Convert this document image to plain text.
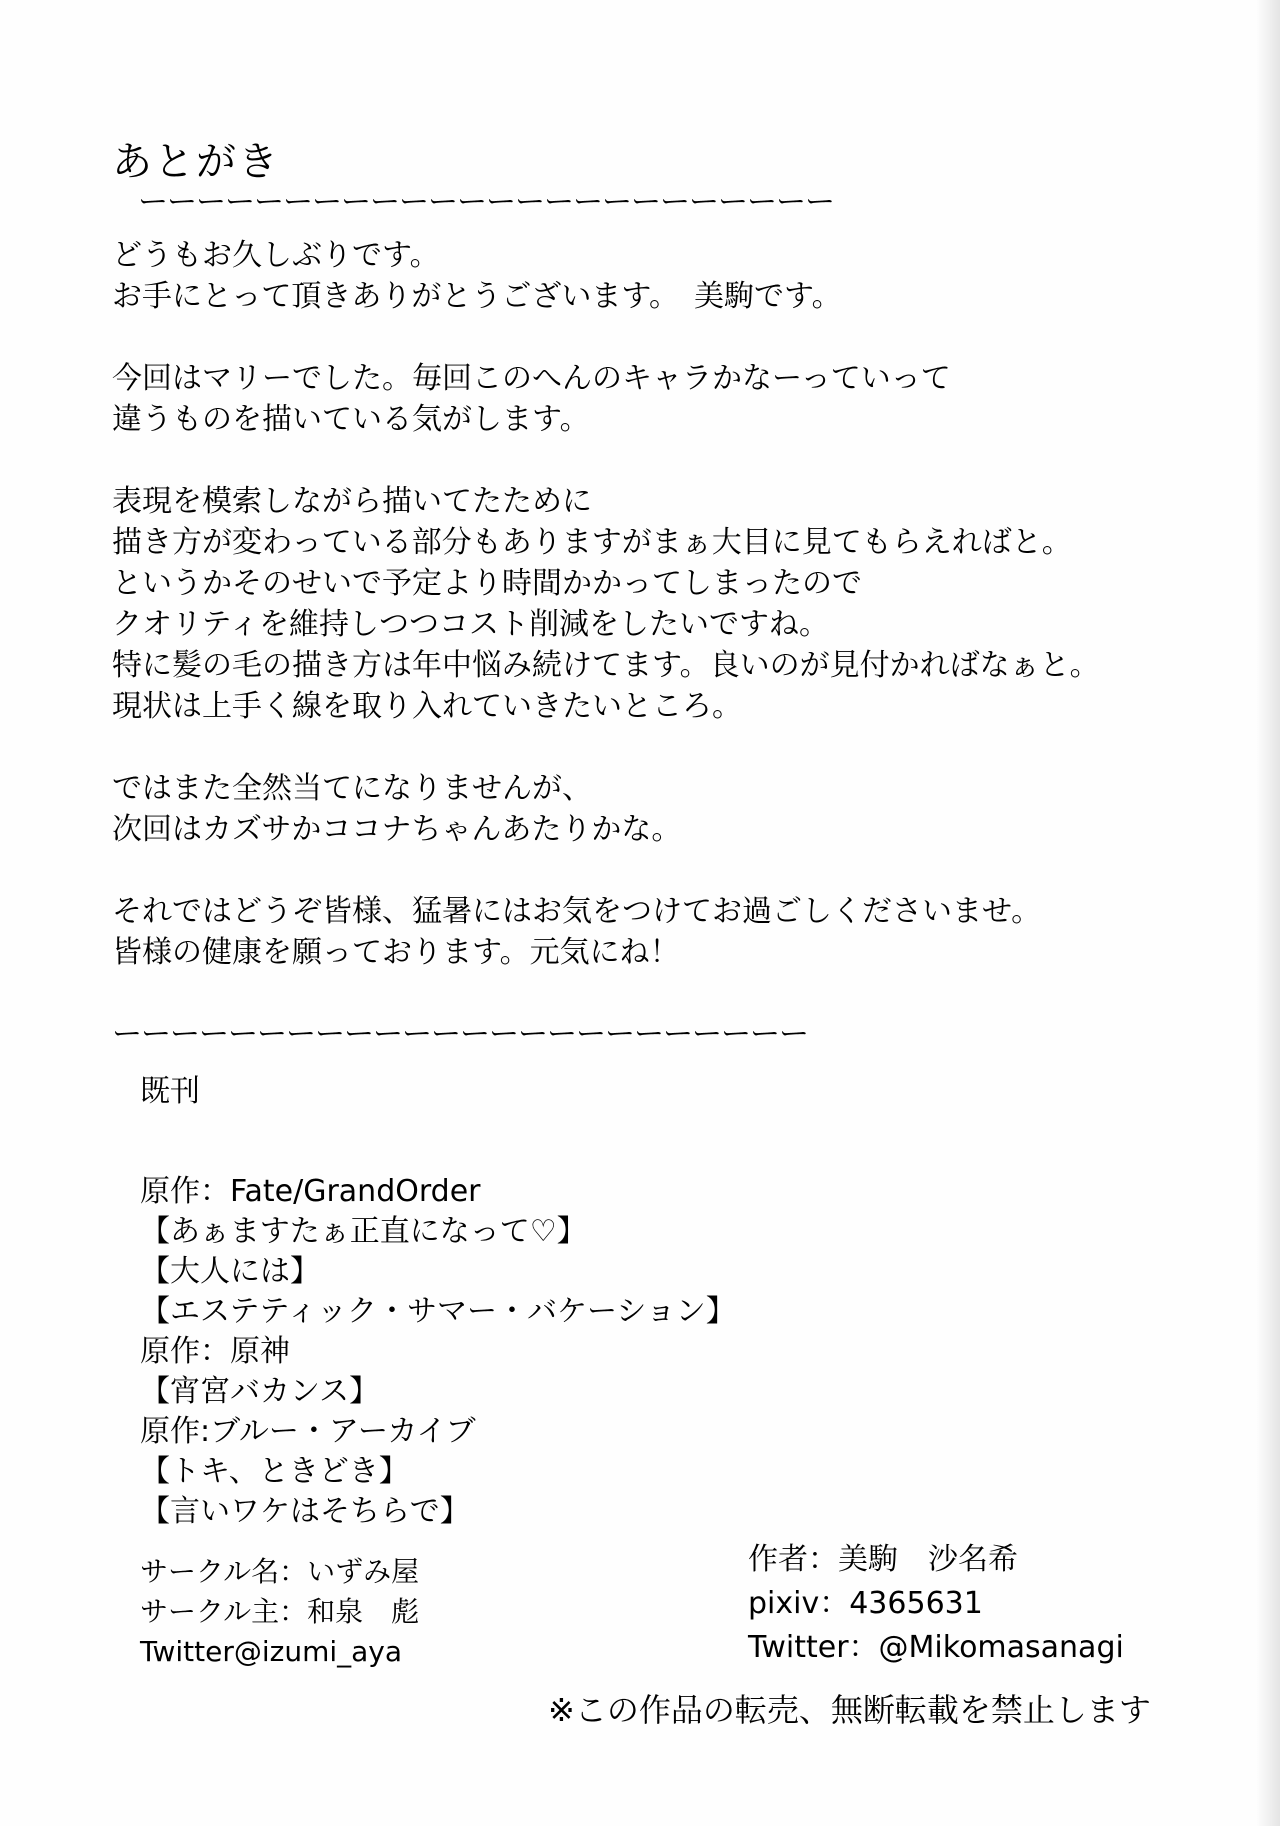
あとがき
ーーーーーーーーーーーーーーーーーーーーーーーー
どうもお久しぶりです。
お手にとって頂きありがとうございます。　美駒です。
今回はマリーでした。毎回このへんのキャラかなーっていって
違うものを描いている気がします。
表現を模索しながら描いてたために
描き方が変わっている部分もありますがまぁ大目に見てもらえればと。
というかそのせいで予定より時間かかってしまったので
クオリティを維持しつつコスト削減をしたいですね。
特に髪の毛の描き方は年中悩み続けてます。良いのが見付かればなぁと。
現状は上手く線を取り入れていきたいところ。
ではまた全然当てになりませんが、
次回はカズサかココナちゃんあたりかな。
それではどうぞ皆様、猛暑にはお気をつけてお過ごしくださいませ。
皆様の健康を願っております。元気にね！
ーーーーーーーーーーーーーーーーーーーーーーーー
既刊
原作：Fate/GrandOrder
【あぁますたぁ正直になって♡】
【大人には】
【エステティック・サマー・バケーション】
原作：原神
【宵宮バカンス】
原作:ブルー・アーカイブ
【トキ、ときどき】
【言いワケはそちらで】
サークル名：いずみ屋
サークル主：和泉　彪
Twitter@izumi_aya
作者：美駒　沙名希
pixiv：4365631
Twitter：@Mikomasanagi
※この作品の転売、無断転載を禁止します
